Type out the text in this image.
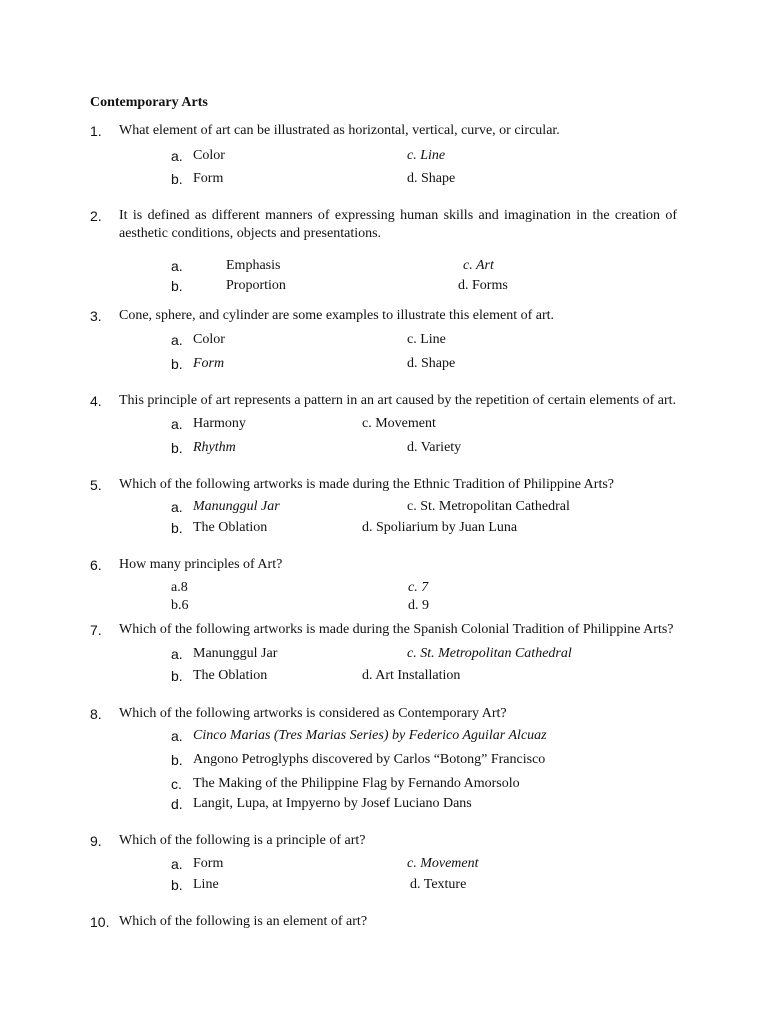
Contemporary Arts
1. What element of art can be illustrated as horizontal, vertical, curve, or circular.
a. Color
b. Form
c. Line
d. Shape
2. It is defined as different manners of expressing human skills and imagination in the creation of aesthetic conditions, objects and presentations.
a.	Emphasis
b.	Proportion
c. Art
d. Forms
3. Cone, sphere, and cylinder are some examples to illustrate this element of art.
a. Color
b. Form
c. Line
d. Shape
4. This principle of art represents a pattern in an art caused by the repetition of certain elements of art.
a. Harmony
b. Rhythm
c. Movement
d. Variety
5. Which of the following artworks is made during the Ethnic Tradition of Philippine Arts?
a. Manunggul Jar
b. The Oblation
c. St. Metropolitan Cathedral
d. Spoliarium by Juan Luna
6. How many principles of Art?
a.8
b.6
c. 7
d. 9
7. Which of the following artworks is made during the Spanish Colonial Tradition of Philippine Arts?
a. Manunggul Jar
b. The Oblation
c. St. Metropolitan Cathedral
d. Art Installation
8. Which of the following artworks is considered as Contemporary Art?
a. Cinco Marias (Tres Marias Series) by Federico Aguilar Alcuaz
b. Angono Petroglyphs discovered by Carlos “Botong” Francisco
c. The Making of the Philippine Flag by Fernando Amorsolo
d. Langit, Lupa, at Impyerno by Josef Luciano Dans
9. Which of the following is a principle of art?
a. Form
b. Line
c. Movement
d. Texture
10. Which of the following is an element of art?
